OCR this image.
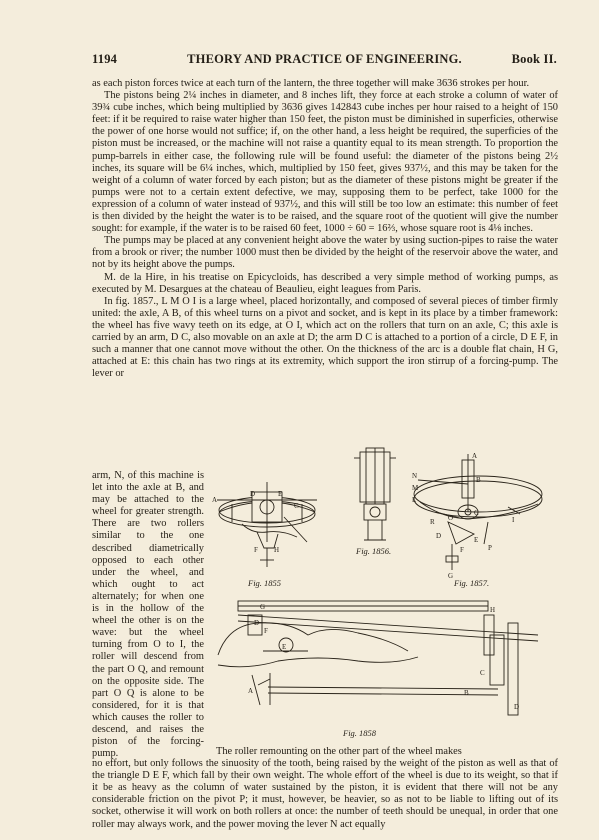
1194	THEORY AND PRACTICE OF ENGINEERING.	Book II.

as each piston forces twice at each turn of the lantern, the three together will make 3636 strokes per hour.

The pistons being 2¼ inches in diameter, and 8 inches lift, they force at each stroke a column of water of 39¾ cube inches, which being multiplied by 3636 gives 142843 cube inches per hour raised to a height of 150 feet: if it be required to raise water higher than 150 feet, the piston must be diminished in superficies, otherwise the power of one horse would not suffice; if, on the other hand, a less height be required, the superficies of the piston must be increased, or the machine will not raise a quantity equal to its mean strength. To proportion the pump-barrels in either case, the following rule will be found useful: the diameter of the pistons being 2½ inches, its square will be 6¼ inches, which, multiplied by 150 feet, gives 937½, and this may be taken for the weight of a column of water forced by each piston; but as the diameter of these pistons might be greater if the pumps were not to a certain extent defective, we may, supposing them to be perfect, take 1000 for the expression of a column of water instead of 937½, and this will still be too low an estimate: this number of feet is then divided by the height the water is to be raised, and the square root of the quotient will give the number sought: for example, if the water is to be raised 60 feet, 1000 ÷ 60 = 16⅔, whose square root is 4⅛ inches.

The pumps may be placed at any convenient height above the water by using suction-pipes to raise the water from a brook or river; the number 1000 must then be divided by the height of the reservoir above the water, and not by its height above the pumps.

M. de la Hire, in his treatise on Epicycloids, has described a very simple method of working pumps, as executed by M. Desargues at the chateau of Beaulieu, eight leagues from Paris.

In fig. 1857., L M O I is a large wheel, placed horizontally, and composed of several pieces of timber firmly united: the axle, A B, of this wheel turns on a pivot and socket, and is kept in its place by a timber framework: the wheel has five wavy teeth on its edge, at O I, which act on the rollers that turn on an axle, C; this axle is carried by an arm, D C, also movable on an axle at D; the arm D C is attached to a portion of a circle, D E F, in such a manner that one cannot move without the other. On the thickness of the arc is a double flat chain, H G, attached at E: this chain has two rings at its extremity, which support the iron stirrup of a forcing-pump. The lever or

arm, N, of this machine is let into the axle at B, and may be attached to the wheel for greater strength. There are two rollers similar to the one described diametrically opposed to each other under the wheel, and which ought to act alternately; for when one is in the hollow of the wheel the other is on the wave: but the wheel turning from O to I, the roller will descend from the part O Q, and remount on the opposite side. The part O Q is alone to be considered, for it is that which causes the roller to descend, and raises the piston of the forcing-pump.

A
D	E
C
H
F
Fig. 1855
Fig. 1856.
A
N
M
B
L
R O
C
I
D	E
F	P
G
Fig. 1857.
G	H
F
D
E
C
B
A
D
Fig. 1858

The roller remounting on the other part of the wheel makes

no effort, but only follows the sinuosity of the tooth, being raised by the weight of the piston as well as that of the triangle D E F, which fall by their own weight. The whole effort of the wheel is due to its weight, so that if it be as heavy as the column of water sustained by the piston, it is evident that there will not be any considerable friction on the pivot P; it must, however, be heavier, so as not to be liable to lifting out of its socket, otherwise it will work on both rollers at once: the number of teeth should be unequal, in order that one roller may always work, and the power moving the lever N act equally
